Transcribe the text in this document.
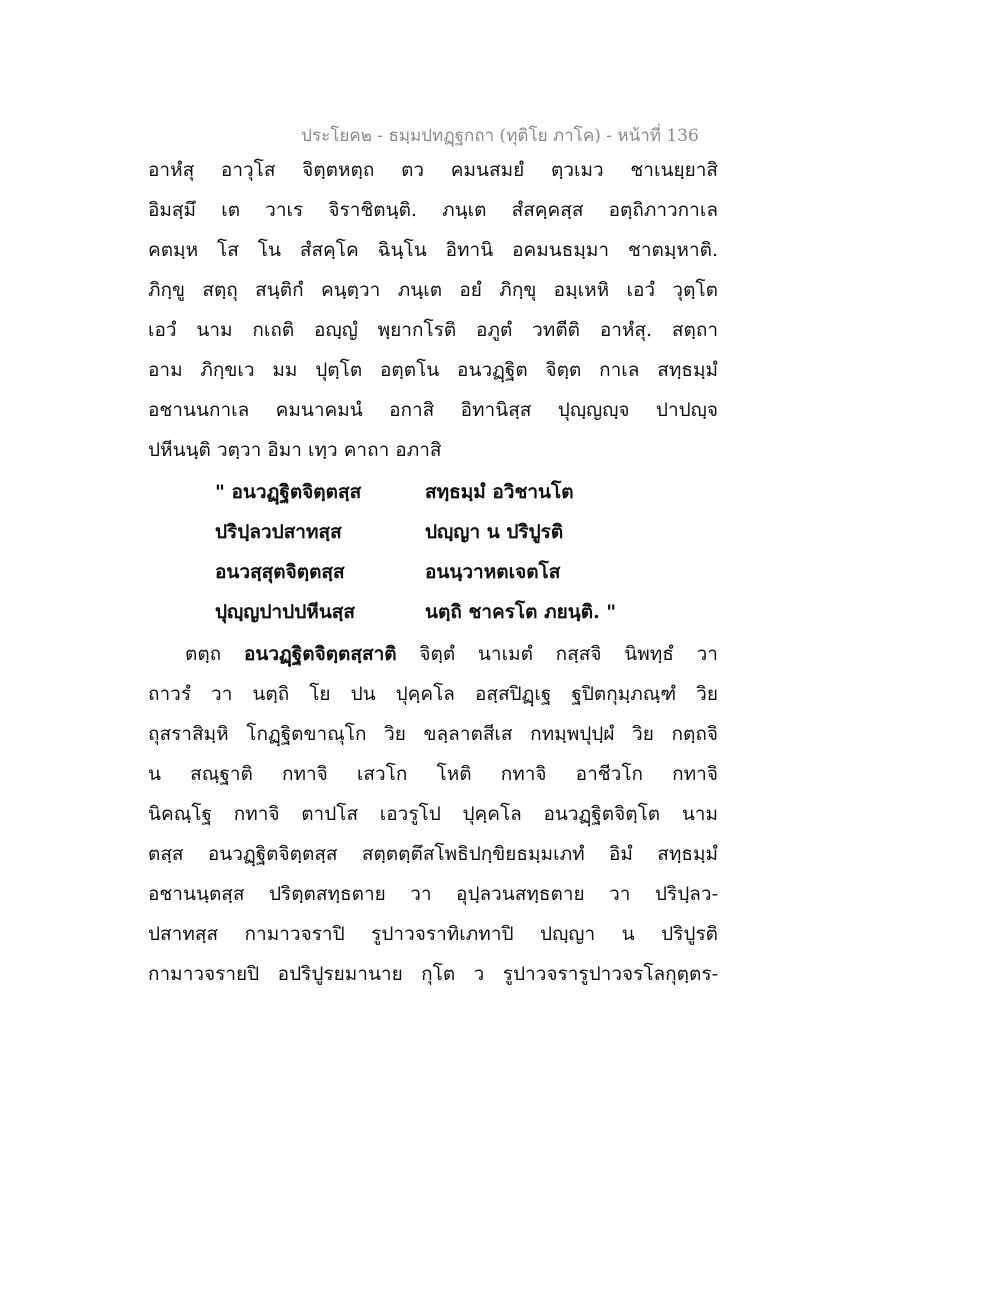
ประโยค๒ - ธมฺมปทฏฺฐกถา (ทุติโย ภาโค) - หน้าที่ 136
อาหํสุ อาวุโส จิตฺตหตฺถ ตว คมนสมยํ ตฺวเมว ชาเนยฺยาสิ
อิมสฺมึ เต วาเร จิราชิตนฺติ. ภนฺเต สํสคฺคสฺส อตฺถิภาวกาเล
คตมฺห โส โน สํสคฺโค ฉินฺโน อิทานิ อคมนธมฺมา ชาตมฺหาติ.
ภิกฺขู สตฺถุ สนฺติกํ คนฺตฺวา ภนฺเต อยํ ภิกฺขุ อมฺเหหิ เอวํ วุตฺโต
เอวํ นาม กเถติ อญฺญํ พฺยากโรติ อภูตํ วทตีติ อาหํสุ. สตฺถา
อาม ภิกฺขเว มม ปุตฺโต อตฺตโน อนวฏฺฐิต จิตฺต กาเล สทฺธมฺมํ
อชานนกาเล คมนาคมนํ อกาสิ อิทานิสฺส ปุญฺญญฺจ ปาปญฺจ
ปหีนนฺติ วตฺวา อิมา เทฺว คาถา อภาสิ
" อนวฏฺฐิตจิตฺตสฺส	สทฺธมฺมํ อวิชานโต
ปริปฺลวปสาทสฺส	ปญฺญา น ปริปูรติ
อนวสฺสุตจิตฺตสฺส	อนนฺวาหตเจตโส
ปุญฺญปาปปหีนสฺส	นตฺถิ ชาครโต ภยนฺติ. "
ตตฺถ อนวฏฺฐิตจิตฺตสฺสาติ จิตฺตํ นาเมตํ กสฺสจิ นิพทฺธํ วา
ถาวรํ วา นตฺถิ โย ปน ปุคฺคโล อสฺสปิฏฺเฐ ฐปิตกุมฺภณฺฑํ วิย
ถุสราสิมฺหิ โกฏฺฐิตขาณุโก วิย ขลฺลาตสีเส กทมฺพปุปฺผํ วิย กตฺถจิ
น สณฺฐาติ กทาจิ เสวโก โหติ กทาจิ อาชีวโก กทาจิ
นิคณฺโฐ กทาจิ ตาปโส เอวรูโป ปุคฺคโล อนวฏฺฐิตจิตฺโต นาม
ตสฺส อนวฏฺฐิตจิตฺตสฺส สตฺตตฺตึสโพธิปกฺขิยธมฺมเภทํ อิมํ สทฺธมฺมํ
อชานนฺตสฺส ปริตฺตสทฺธตาย วา อุปฺลวนสทฺธตาย วา ปริปฺลว-
ปสาทสฺส กามาวจราปิ รูปาวจราทิเภทาปิ ปญฺญา น ปริปูรติ
กามาวจรายปิ อปริปูรยมานาย กุโต ว รูปาวจรารูปาวจรโลกุตฺตร-
